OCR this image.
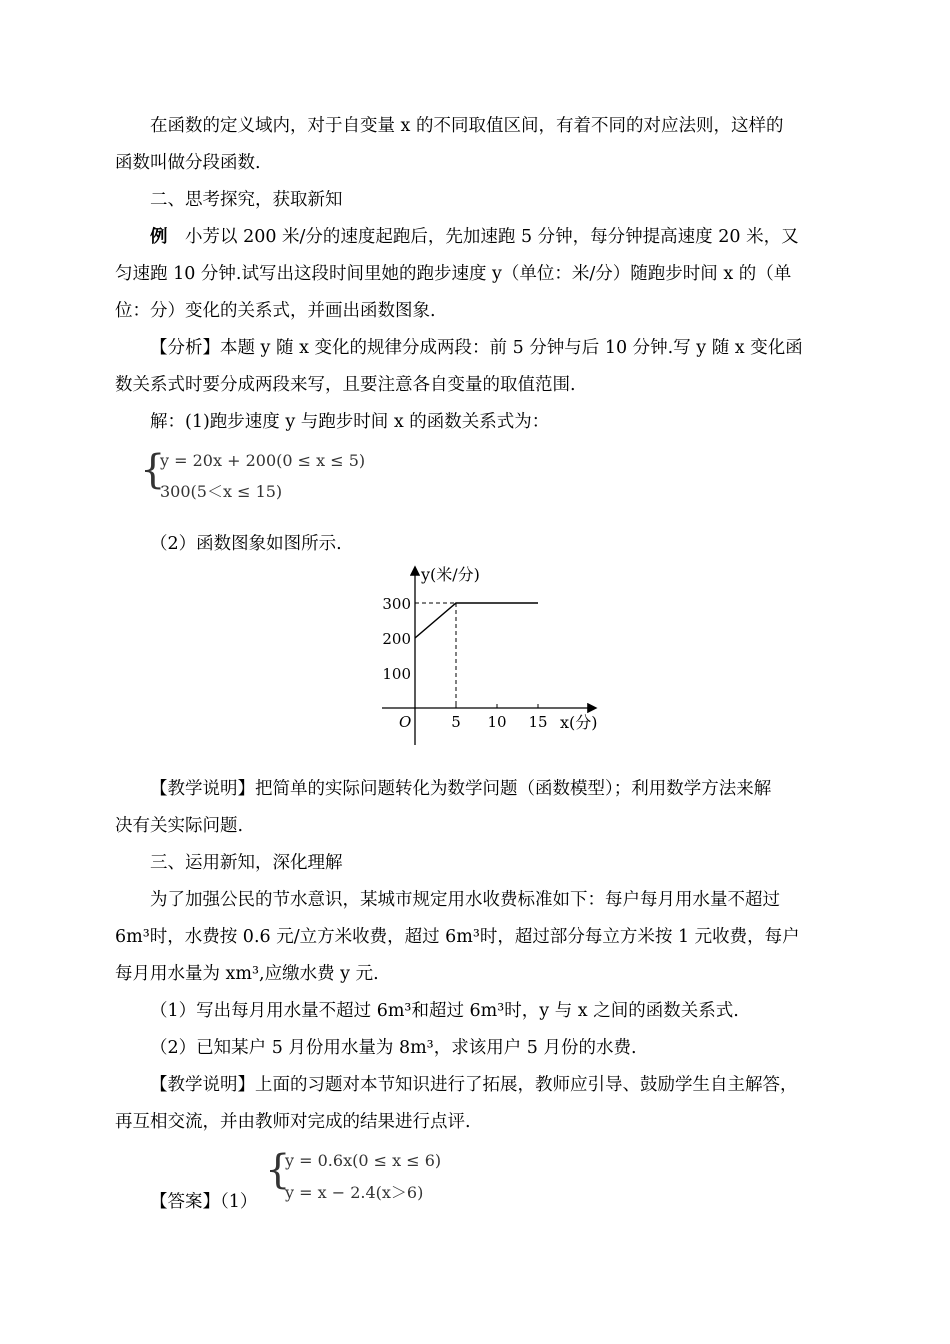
在函数的定义域内，对于自变量 x 的不同取值区间，有着不同的对应法则，这样的

函数叫做分段函数.

二、思考探究，获取新知

例　 小芳以 200 米/分的速度起跑后，先加速跑 5 分钟，每分钟提高速度 20 米，又

匀速跑 10 分钟.试写出这段时间里她的跑步速度 y（单位：米/分）随跑步时间 x 的（单

位：分）变化的关系式，并画出函数图象.

【分析】本题 y 随 x 变化的规律分成两段：前 5 分钟与后 10 分钟.写 y 随 x 变化函

数关系式时要分成两段来写，且要注意各自变量的取值范围.

解：(1)跑步速度 y 与跑步时间 x 的函数关系式为：

{
y = 20x + 200(0 ≤ x ≤ 5)
300(5＜x ≤ 15)

（2）函数图象如图所示.

y(米/分)
x(分)
O	5 10 15
100
200
300

【教学说明】把简单的实际问题转化为数学问题（函数模型）；利用数学方法来解

决有关实际问题.

三、运用新知，深化理解

为了加强公民的节水意识，某城市规定用水收费标准如下：每户每月用水量不超过

6m³时，水费按 0.6 元/立方米收费，超过 6m³时，超过部分每立方米按 1 元收费，每户

每月用水量为 xm³,应缴水费 y 元.

（1）写出每月用水量不超过 6m³和超过 6m³时，y 与 x 之间的函数关系式.

（2）已知某户 5 月份用水量为 8m³，求该用户 5 月份的水费.

【教学说明】上面的习题对本节知识进行了拓展，教师应引导、鼓励学生自主解答，

再互相交流，并由教师对完成的结果进行点评.

【答案】（1）

{
y = 0.6x(0 ≤ x ≤ 6)
y = x − 2.4(x＞6)
